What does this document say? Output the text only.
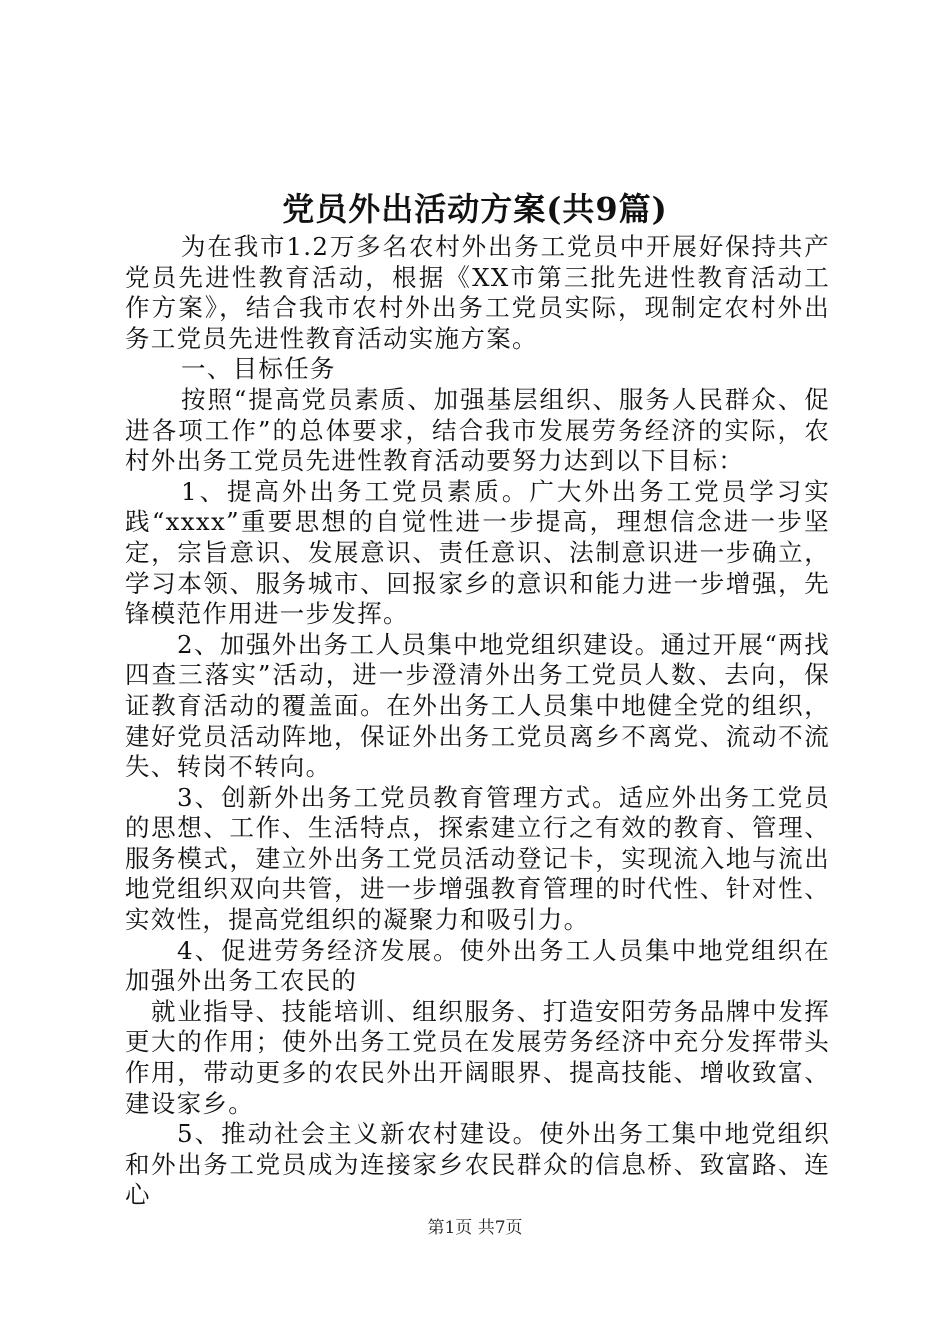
党员外出活动方案(共9篇)

为在我市1.2万多名农村外出务工党员中开展好保持共产党员先进性教育活动，根据《XX市第三批先进性教育活动工作方案》，结合我市农村外出务工党员实际，现制定农村外出务工党员先进性教育活动实施方案。

一、目标任务

按照“提高党员素质、加强基层组织、服务人民群众、促进各项工作”的总体要求，结合我市发展劳务经济的实际，农村外出务工党员先进性教育活动要努力达到以下目标：

1、提高外出务工党员素质。广大外出务工党员学习实践“xxxx”重要思想的自觉性进一步提高，理想信念进一步坚定，宗旨意识、发展意识、责任意识、法制意识进一步确立，学习本领、服务城市、回报家乡的意识和能力进一步增强，先锋模范作用进一步发挥。

2、加强外出务工人员集中地党组织建设。通过开展“两找四查三落实”活动，进一步澄清外出务工党员人数、去向，保证教育活动的覆盖面。在外出务工人员集中地健全党的组织，建好党员活动阵地，保证外出务工党员离乡不离党、流动不流失、转岗不转向。

3、创新外出务工党员教育管理方式。适应外出务工党员的思想、工作、生活特点，探索建立行之有效的教育、管理、服务模式，建立外出务工党员活动登记卡，实现流入地与流出地党组织双向共管，进一步增强教育管理的时代性、针对性、实效性，提高党组织的凝聚力和吸引力。

4、促进劳务经济发展。使外出务工人员集中地党组织在加强外出务工农民的

就业指导、技能培训、组织服务、打造安阳劳务品牌中发挥更大的作用；使外出务工党员在发展劳务经济中充分发挥带头作用，带动更多的农民外出开阔眼界、提高技能、增收致富、建设家乡。

5、推动社会主义新农村建设。使外出务工集中地党组织和外出务工党员成为连接家乡农民群众的信息桥、致富路、连心

第1页 共7页
